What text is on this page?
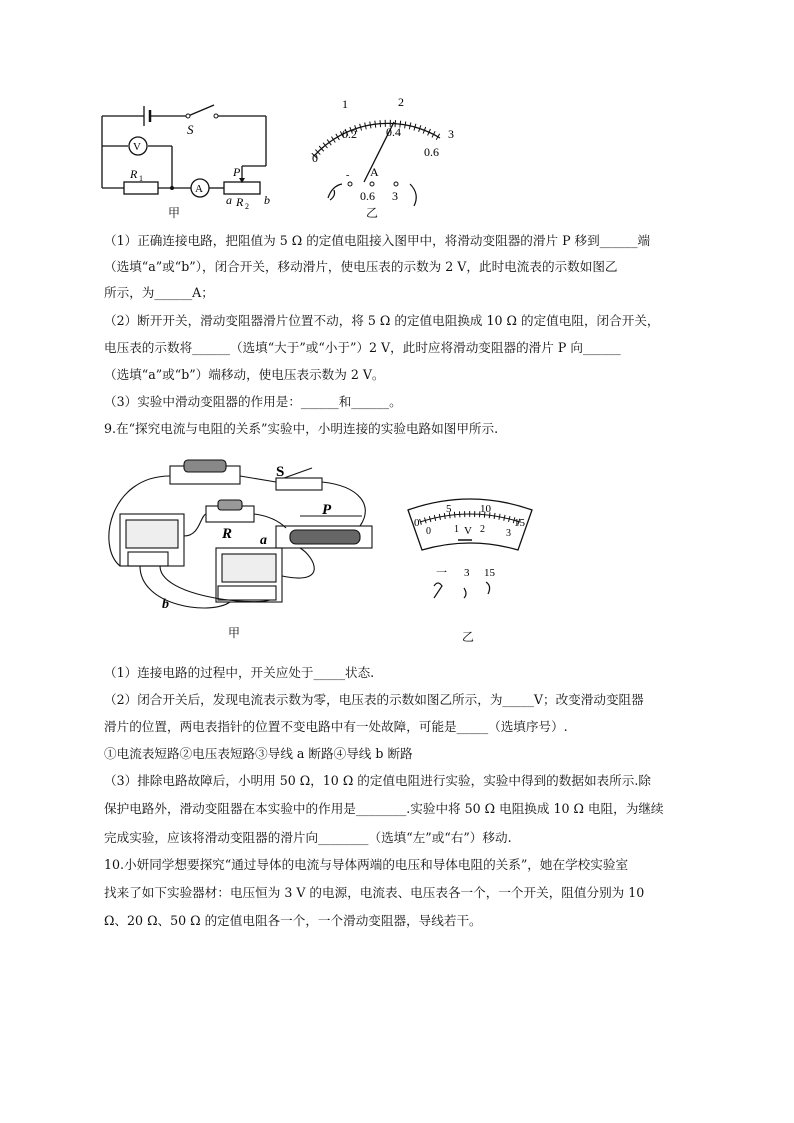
S
V
A
R 1
R 2
P
a	b
甲
1	2
3
0
0.2 0.4
0.6
A
-
0.6 3
乙
（1）正确连接电路，把阻值为 5 Ω 的定值电阻接入图甲中，将滑动变阻器的滑片 P 移到______端
（选填“a”或“b”），闭合开关，移动滑片，使电压表的示数为 2 V，此时电流表的示数如图乙
所示，为______A；
（2）断开开关，滑动变阻器滑片位置不动，将 5 Ω 的定值电阻换成 10 Ω 的定值电阻，闭合开关，
电压表的示数将______（选填“大于”或“小于”）2 V，此时应将滑动变阻器的滑片 P 向______
（选填“a”或“b”）端移动，使电压表示数为 2 V。
（3）实验中滑动变阻器的作用是：______和______。
9.在“探究电流与电阻的关系”实验中，小明连接的实验电路如图甲所示.
S
R
P
a
b
甲
0
5	10
15
0 1 2 3
V
一 3 15
乙
（1）连接电路的过程中，开关应处于_____状态.
（2）闭合开关后，发现电流表示数为零，电压表的示数如图乙所示，为_____V；改变滑动变阻器
滑片的位置，两电表指针的位置不变电路中有一处故障，可能是_____（选填序号）.
①电流表短路②电压表短路③导线 a 断路④导线 b 断路
（3）排除电路故障后，小明用 50 Ω，10 Ω 的定值电阻进行实验，实验中得到的数据如表所示.除
保护电路外，滑动变阻器在本实验中的作用是________.实验中将 50 Ω 电阻换成 10 Ω 电阻，为继续
完成实验，应该将滑动变阻器的滑片向________（选填“左”或“右”）移动.
10.小妍同学想要探究“通过导体的电流与导体两端的电压和导体电阻的关系”，她在学校实验室
找来了如下实验器材：电压恒为 3 V 的电源，电流表、电压表各一个，一个开关，阻值分别为 10
Ω、20 Ω、50 Ω 的定值电阻各一个，一个滑动变阻器，导线若干。
